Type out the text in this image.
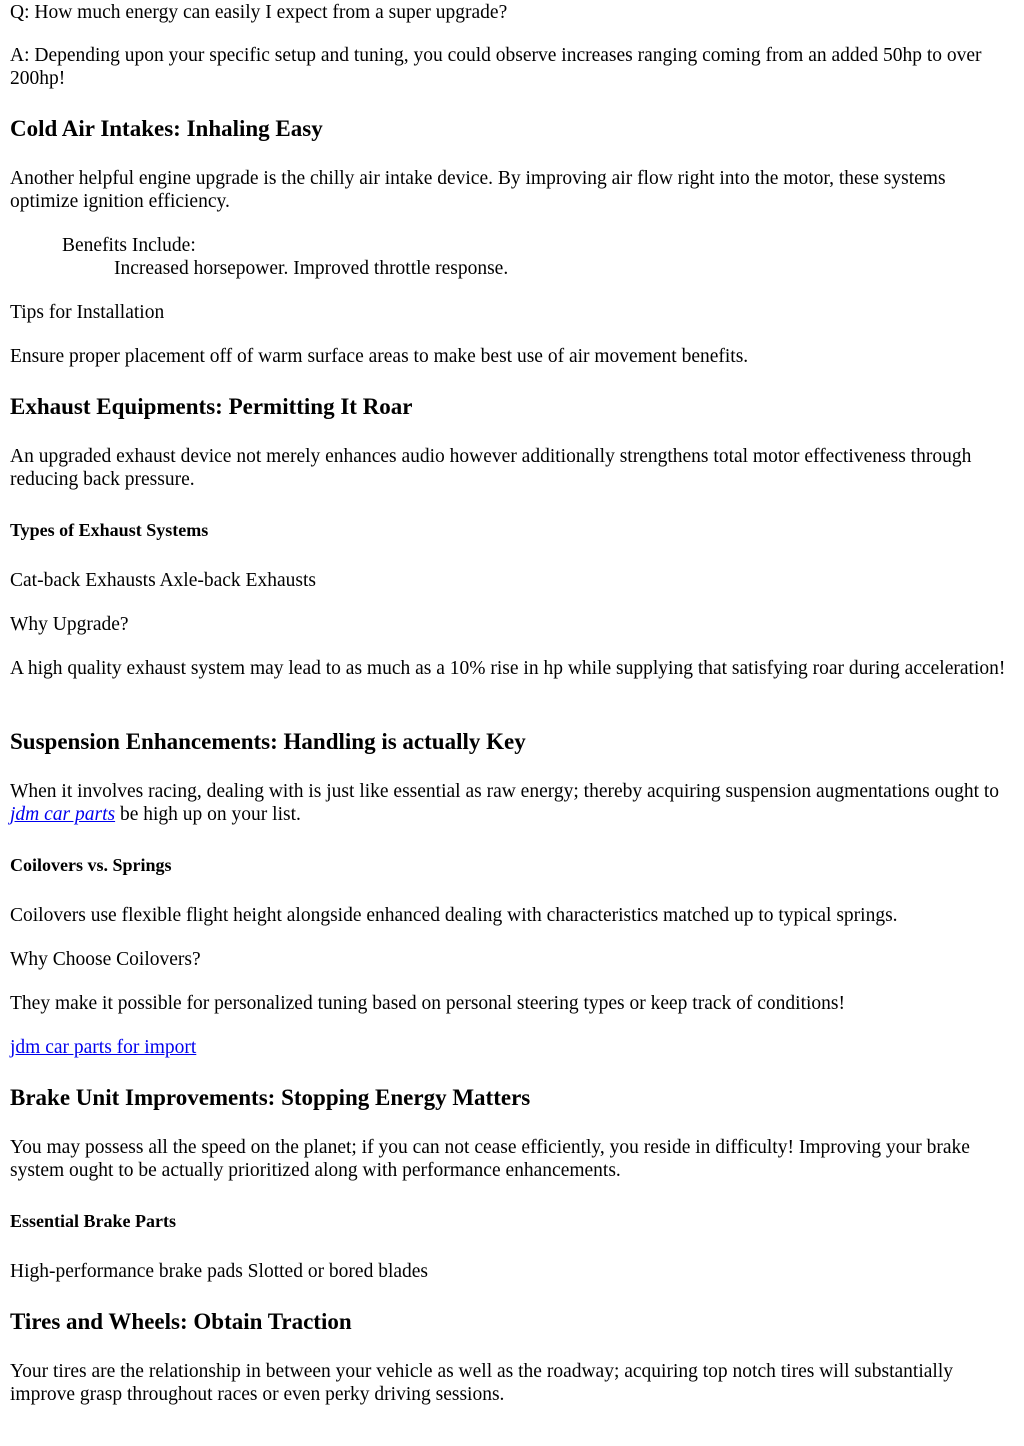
Q: How much energy can easily I expect from a super upgrade?

A: Depending upon your specific setup and tuning, you could observe increases ranging coming from an added 50hp to over 200hp!

Cold Air Intakes: Inhaling Easy

Another helpful engine upgrade is the chilly air intake device. By improving air flow right into the motor, these systems optimize ignition efficiency.

Benefits Include:

Increased horsepower. Improved throttle response.

Tips for Installation

Ensure proper placement off of warm surface areas to make best use of air movement benefits.

Exhaust Equipments: Permitting It Roar

An upgraded exhaust device not merely enhances audio however additionally strengthens total motor effectiveness through reducing back pressure.

Types of Exhaust Systems

Cat-back Exhausts Axle-back Exhausts

Why Upgrade?

A high quality exhaust system may lead to as much as a 10% rise in hp while supplying that satisfying roar during acceleration!

Suspension Enhancements: Handling is actually Key

When it involves racing, dealing with is just like essential as raw energy; thereby acquiring suspension augmentations ought to jdm car parts be high up on your list.

Coilovers vs. Springs

Coilovers use flexible flight height alongside enhanced dealing with characteristics matched up to typical springs.

Why Choose Coilovers?

They make it possible for personalized tuning based on personal steering types or keep track of conditions!

jdm car parts for import

Brake Unit Improvements: Stopping Energy Matters

You may possess all the speed on the planet; if you can not cease efficiently, you reside in difficulty! Improving your brake system ought to be actually prioritized along with performance enhancements.

Essential Brake Parts

High-performance brake pads Slotted or bored blades

Tires and Wheels: Obtain Traction

Your tires are the relationship in between your vehicle as well as the roadway; acquiring top notch tires will substantially improve grasp throughout races or even perky driving sessions.
